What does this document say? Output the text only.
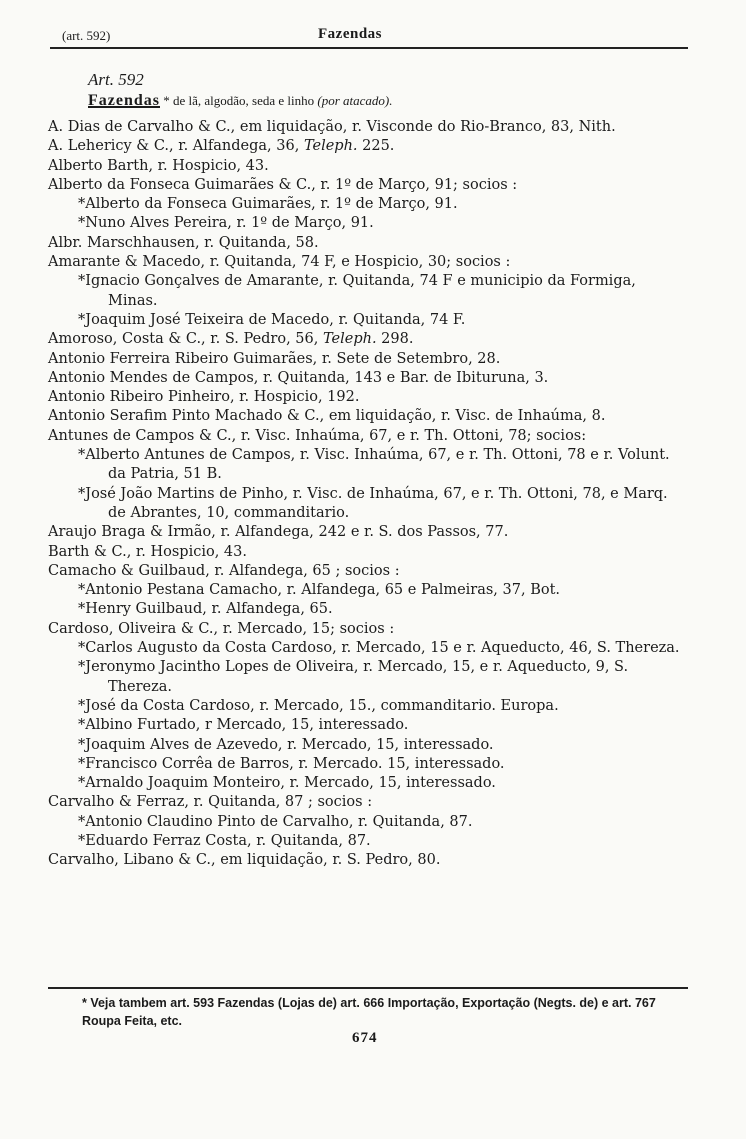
(art. 592)	Fazendas
Art. 592
Fazendas * de lã, algodão, seda e linho (por atacado).

A. Dias de Carvalho & C., em liquidação, r. Visconde do Rio-Branco, 83, Nith.

A. Lehericy & C., r. Alfandega, 36, Teleph. 225.

Alberto Barth, r. Hospicio, 43.

Alberto da Fonseca Guimarães & C., r. 1º de Março, 91; socios :

*Alberto da Fonseca Guimarães, r. 1º de Março, 91.

*Nuno Alves Pereira, r. 1º de Março, 91.

Albr. Marschhausen, r. Quitanda, 58.

Amarante & Macedo, r. Quitanda, 74 F, e Hospicio, 30; socios :

*Ignacio Gonçalves de Amarante, r. Quitanda, 74 F e municipio da Formiga, Minas.

*Joaquim José Teixeira de Macedo, r. Quitanda, 74 F.

Amoroso, Costa & C., r. S. Pedro, 56, Teleph. 298.

Antonio Ferreira Ribeiro Guimarães, r. Sete de Setembro, 28.

Antonio Mendes de Campos, r. Quitanda, 143 e Bar. de Ibituruna, 3.

Antonio Ribeiro Pinheiro, r. Hospicio, 192.

Antonio Serafim Pinto Machado & C., em liquidação, r. Visc. de Inhaúma, 8.

Antunes de Campos & C., r. Visc. Inhaúma, 67, e r. Th. Ottoni, 78; socios:

*Alberto Antunes de Campos, r. Visc. Inhaúma, 67, e r. Th. Ottoni, 78 e r. Volunt. da Patria, 51 B.

*José João Martins de Pinho, r. Visc. de Inhaúma, 67, e r. Th. Ottoni, 78, e Marq. de Abrantes, 10, commanditario.

Araujo Braga & Irmão, r. Alfandega, 242 e r. S. dos Passos, 77.

Barth & C., r. Hospicio, 43.

Camacho & Guilbaud, r. Alfandega, 65 ; socios :

*Antonio Pestana Camacho, r. Alfandega, 65 e Palmeiras, 37, Bot.

*Henry Guilbaud, r. Alfandega, 65.

Cardoso, Oliveira & C., r. Mercado, 15; socios :

*Carlos Augusto da Costa Cardoso, r. Mercado, 15 e r. Aqueducto, 46, S. Thereza.

*Jeronymo Jacintho Lopes de Oliveira, r. Mercado, 15, e r. Aqueducto, 9, S. Thereza.

*José da Costa Cardoso, r. Mercado, 15., commanditario. Europa.

*Albino Furtado, r Mercado, 15, interessado.

*Joaquim Alves de Azevedo, r. Mercado, 15, interessado.

*Francisco Corrêa de Barros, r. Mercado. 15, interessado.

*Arnaldo Joaquim Monteiro, r. Mercado, 15, interessado.

Carvalho & Ferraz, r. Quitanda, 87 ; socios :

*Antonio Claudino Pinto de Carvalho, r. Quitanda, 87.

*Eduardo Ferraz Costa, r. Quitanda, 87.

Carvalho, Libano & C., em liquidação, r. S. Pedro, 80.

* Veja tambem art. 593 Fazendas (Lojas de) art. 666 Importação, Exportação (Negts. de) e art. 767 Roupa Feita, etc.
674
